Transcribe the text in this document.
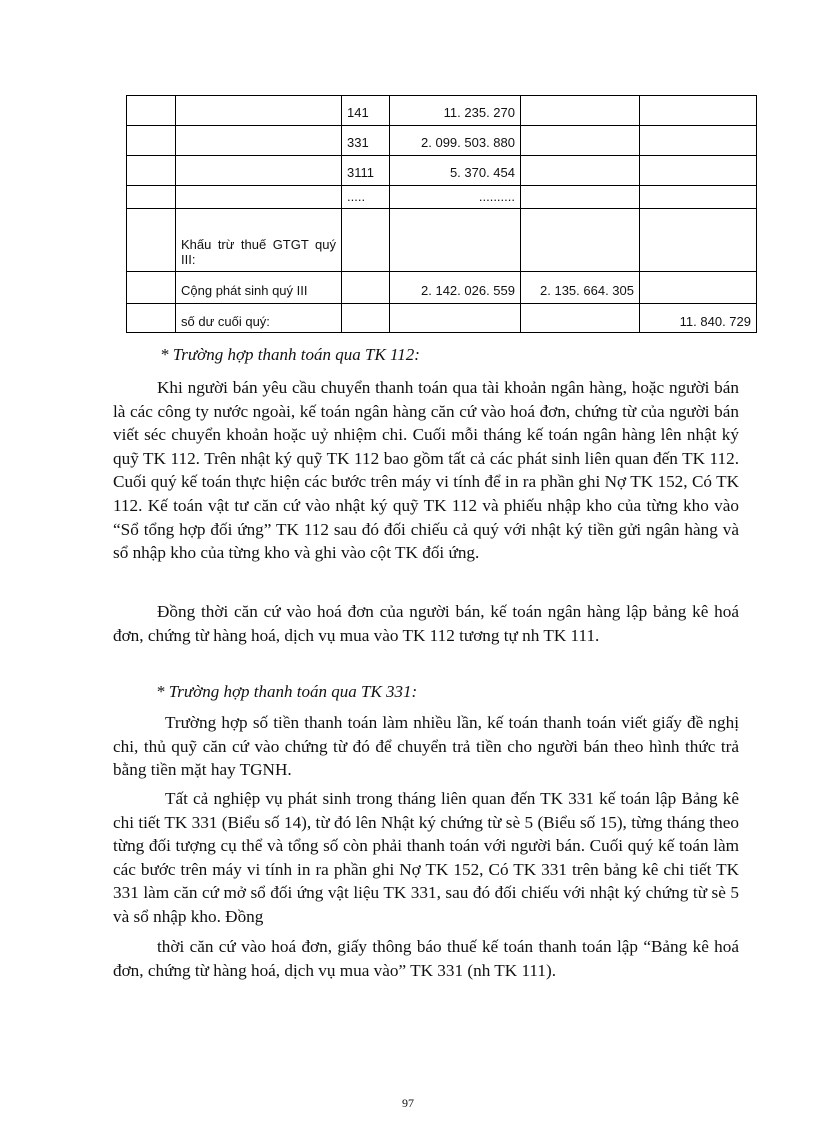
		141	11. 235. 270		
		331	2. 099. 503. 880		
		3111	5. 370. 454		
		.....	..........		
	Khấu trừ thuế GTGT quý III:				
	Cộng phát sinh quý III		2. 142. 026. 559	2. 135. 664. 305	
	số dư cuối quý:				11. 840. 729

* Trường hợp thanh toán qua TK 112:

Khi người bán yêu cầu chuyển thanh toán qua tài khoản ngân hàng, hoặc người bán là các công ty nước ngoài, kế toán ngân hàng căn cứ vào hoá đơn, chứng từ của người bán viết séc chuyển khoản hoặc uỷ nhiệm chi. Cuối mỗi tháng kế toán ngân hàng lên nhật ký quỹ TK 112. Trên nhật ký quỹ TK 112 bao gồm tất cả các phát sinh liên quan đến TK 112. Cuối quý kế toán thực hiện các bước trên máy vi tính để in ra phần ghi Nợ TK 152, Có TK 112. Kế toán vật tư căn cứ vào nhật ký quỹ TK 112 và phiếu nhập kho của từng kho vào “Sổ tổng hợp đối ứng” TK 112 sau đó đối chiếu cả quý với nhật ký tiền gửi ngân hàng và sổ nhập kho của từng kho và ghi vào cột TK đối ứng.

Đồng thời căn cứ vào hoá đơn của người bán, kế toán ngân hàng lập bảng kê hoá đơn, chứng từ hàng hoá, dịch vụ mua vào TK 112 tương tự nh TK 111.

* Trường hợp thanh toán qua TK 331:

Trường hợp số tiền thanh toán làm nhiều lần, kế toán thanh toán viết giấy đề nghị chi, thủ quỹ căn cứ vào chứng từ đó để chuyển trả tiền cho người bán theo hình thức trả bằng tiền mặt hay TGNH.

Tất cả nghiệp vụ phát sinh trong tháng liên quan đến TK 331 kế toán lập Bảng kê chi tiết TK 331 (Biểu số 14), từ đó lên Nhật ký chứng từ sè 5 (Biểu số 15), từng tháng theo từng đối tượng cụ thể và tổng số còn phải thanh toán với người bán. Cuối quý kế toán làm các bước trên máy vi tính in ra phần ghi Nợ TK 152, Có TK 331 trên bảng kê chi tiết TK 331 làm căn cứ mở sổ đối ứng vật liệu TK 331, sau đó đối chiếu với nhật ký chứng từ sè 5 và sổ nhập kho. Đồng

thời căn cứ vào hoá đơn, giấy thông báo thuế kế toán thanh toán lập “Bảng kê hoá đơn, chứng từ hàng hoá, dịch vụ mua vào” TK 331 (nh TK 111).

97
